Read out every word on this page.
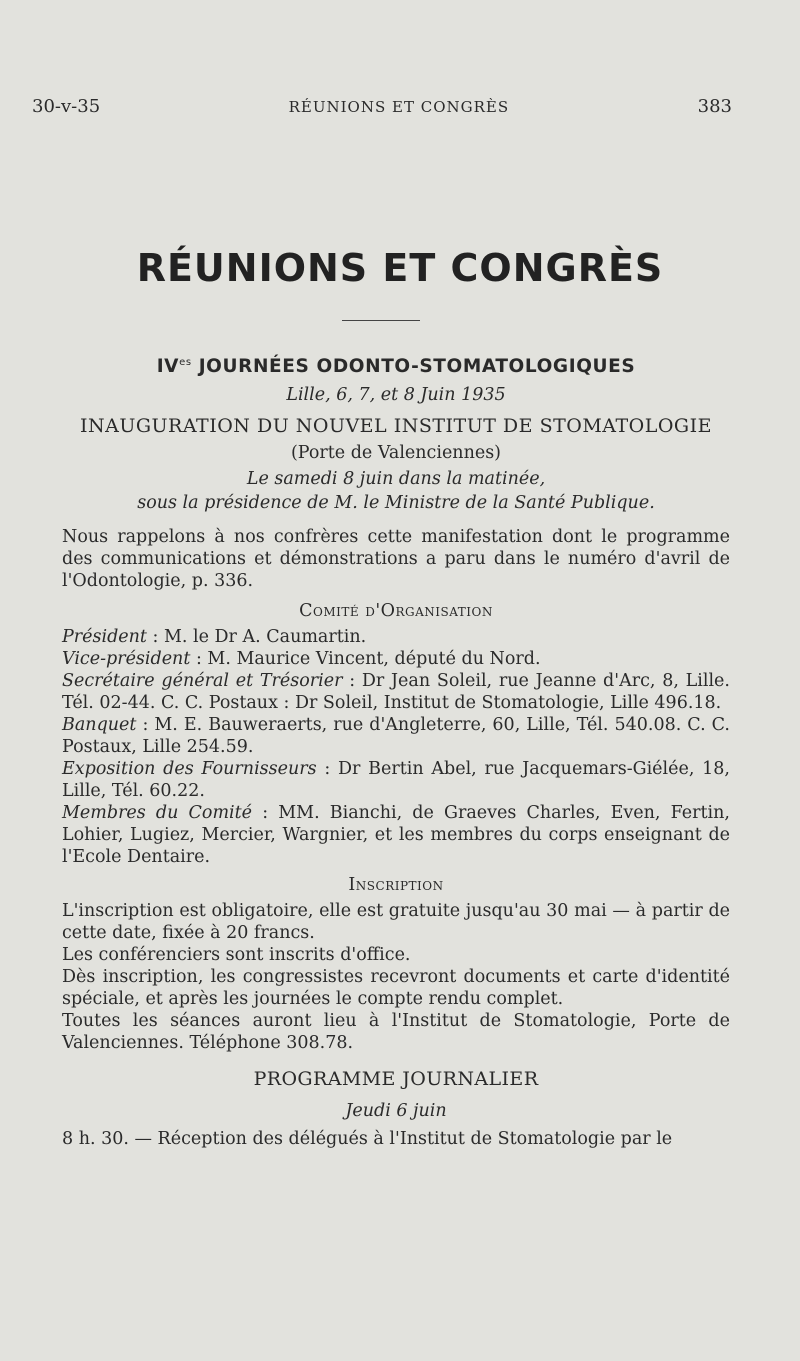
30-v-35	RÉUNIONS ET CONGRÈS	383
RÉUNIONS ET CONGRÈS
$IV^{es}$ JOURNÉES ODONTO-STOMATOLOGIQUES

Lille, 6, 7, et 8 Juin 1935

INAUGURATION DU NOUVEL INSTITUT DE STOMATOLOGIE

(Porte de Valenciennes)

Le samedi 8 juin dans la matinée,

sous la présidence de M. le Ministre de la Santé Publique.

Nous rappelons à nos confrères cette manifestation dont le programme des communications et démonstrations a paru dans le numéro d'avril de l'Odontologie, p. 336.

Comité d'Organisation

Président : M. le Dr A. Caumartin.

Vice-président : M. Maurice Vincent, député du Nord.

Secrétaire général et Trésorier : Dr Jean Soleil, rue Jeanne d'Arc, 8, Lille. Tél. 02-44. C. C. Postaux : Dr Soleil, Institut de Stomatologie, Lille 496.18.

Banquet : M. E. Bauweraerts, rue d'Angleterre, 60, Lille, Tél. 540.08. C. C. Postaux, Lille 254.59.

Exposition des Fournisseurs : Dr Bertin Abel, rue Jacquemars-Giélée, 18, Lille, Tél. 60.22.

Membres du Comité : MM. Bianchi, de Graeves Charles, Even, Fertin, Lohier, Lugiez, Mercier, Wargnier, et les membres du corps enseignant de l'Ecole Dentaire.

Inscription

L'inscription est obligatoire, elle est gratuite jusqu'au 30 mai — à partir de cette date, fixée à 20 francs.

Les conférenciers sont inscrits d'office.

Dès inscription, les congressistes recevront documents et carte d'identité spéciale, et après les journées le compte rendu complet.

Toutes les séances auront lieu à l'Institut de Stomatologie, Porte de Valenciennes. Téléphone 308.78.

PROGRAMME JOURNALIER

Jeudi 6 juin

8 h. 30. — Réception des délégués à l'Institut de Stomatologie par le
